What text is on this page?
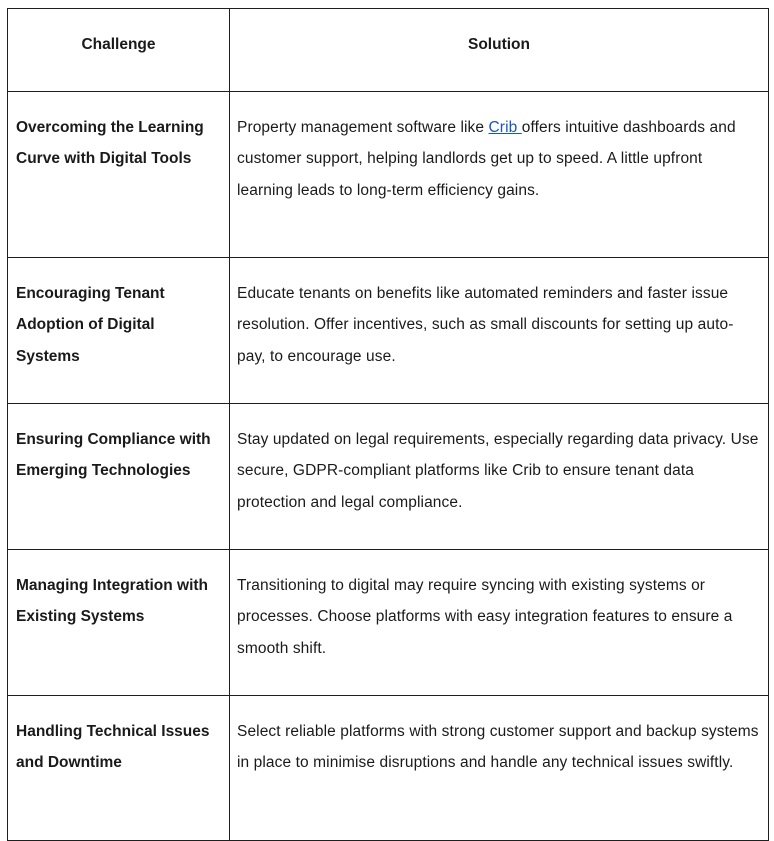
Challenge	Solution

Overcoming the Learning Curve with Digital Tools	Property management software like Crib offers intuitive dashboards and customer support, helping landlords get up to speed. A little upfront learning leads to long-term efficiency gains.
Encouraging Tenant Adoption of Digital Systems	Educate tenants on benefits like automated reminders and faster issue resolution. Offer incentives, such as small discounts for setting up auto-pay, to encourage use.
Ensuring Compliance with Emerging Technologies	Stay updated on legal requirements, especially regarding data privacy. Use secure, GDPR-compliant platforms like Crib to ensure tenant data protection and legal compliance.
Managing Integration with Existing Systems	Transitioning to digital may require syncing with existing systems or processes. Choose platforms with easy integration features to ensure a smooth shift.
Handling Technical Issues and Downtime	Select reliable platforms with strong customer support and backup systems in place to minimise disruptions and handle any technical issues swiftly.
